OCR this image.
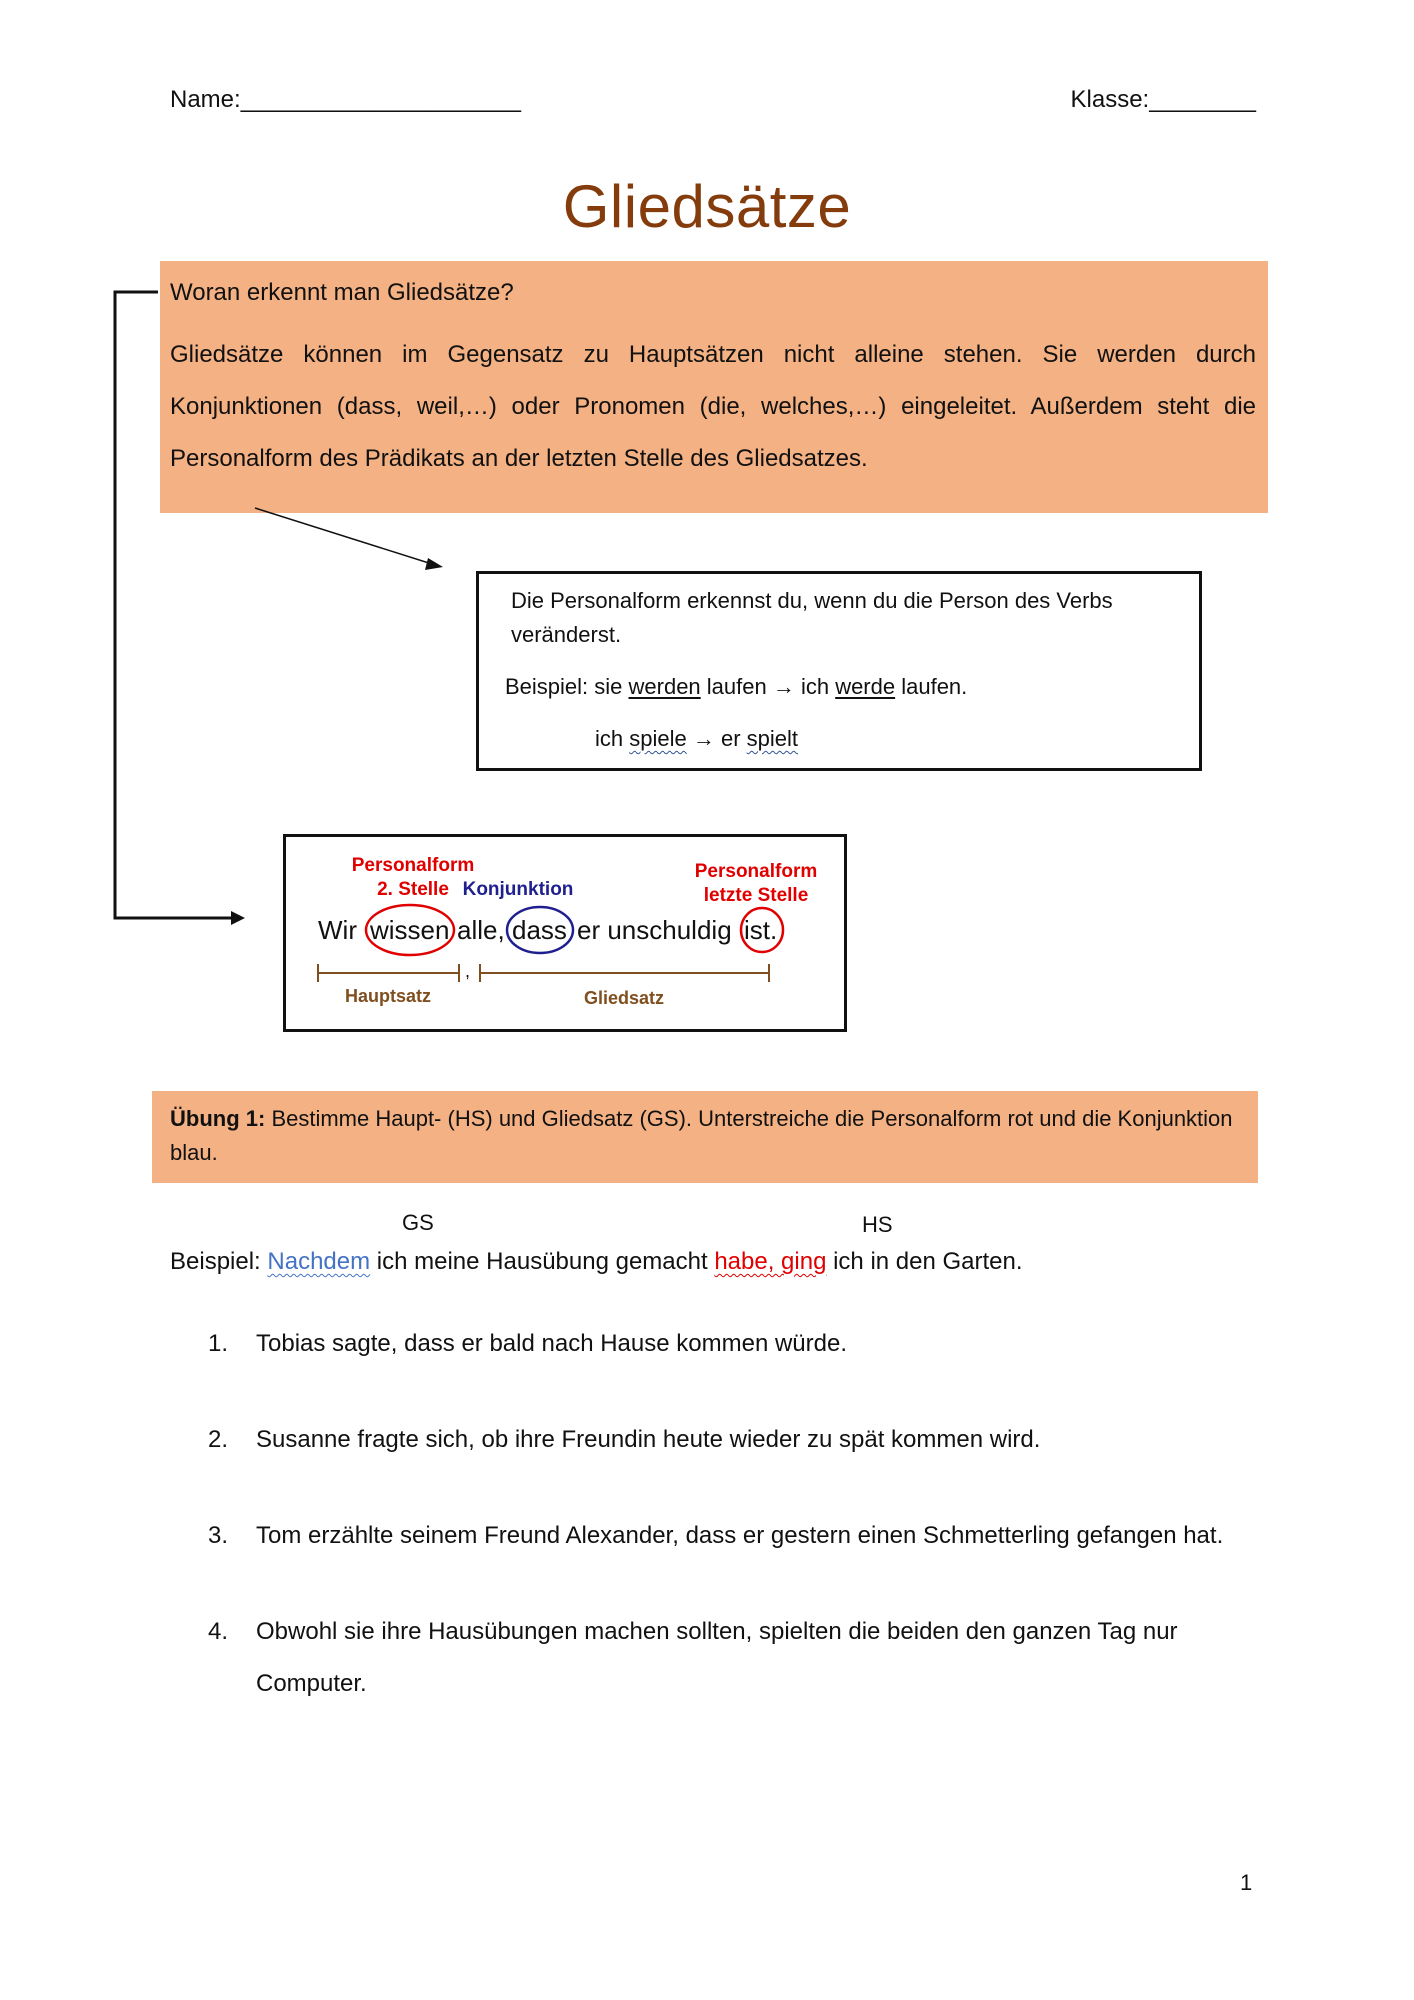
Name:_____________________	Klasse:________
Gliedsätze
Woran erkennt man Gliedsätze?
Gliedsätze können im Gegensatz zu Hauptsätzen nicht alleine stehen. Sie werden durch Konjunktionen (dass, weil,…) oder Pronomen (die, welches,…) eingeleitet. Außerdem steht die Personalform des Prädikats an der letzten Stelle des Gliedsatzes.
Die Personalform erkennst du, wenn du die Person des Verbs veränderst.
Beispiel: sie werden laufen → ich werde laufen.
ich spiele → er spielt
Personalform
2. Stelle Konjunktion
Personalform
letzte Stelle
Wir wissen alle, dass er unschuldig ist.
,
Hauptsatz	Gliedsatz
Übung 1: Bestimme Haupt- (HS) und Gliedsatz (GS). Unterstreiche die Personalform rot und die Konjunktion blau.
GS	HS
Beispiel: Nachdem ich meine Hausübung gemacht habe, ging ich in den Garten.
1. Tobias sagte, dass er bald nach Hause kommen würde.
2. Susanne fragte sich, ob ihre Freundin heute wieder zu spät kommen wird.
3. Tom erzählte seinem Freund Alexander, dass er gestern einen Schmetterling gefangen hat.
4. Obwohl sie ihre Hausübungen machen sollten, spielten die beiden den ganzen Tag nur Computer.
1
